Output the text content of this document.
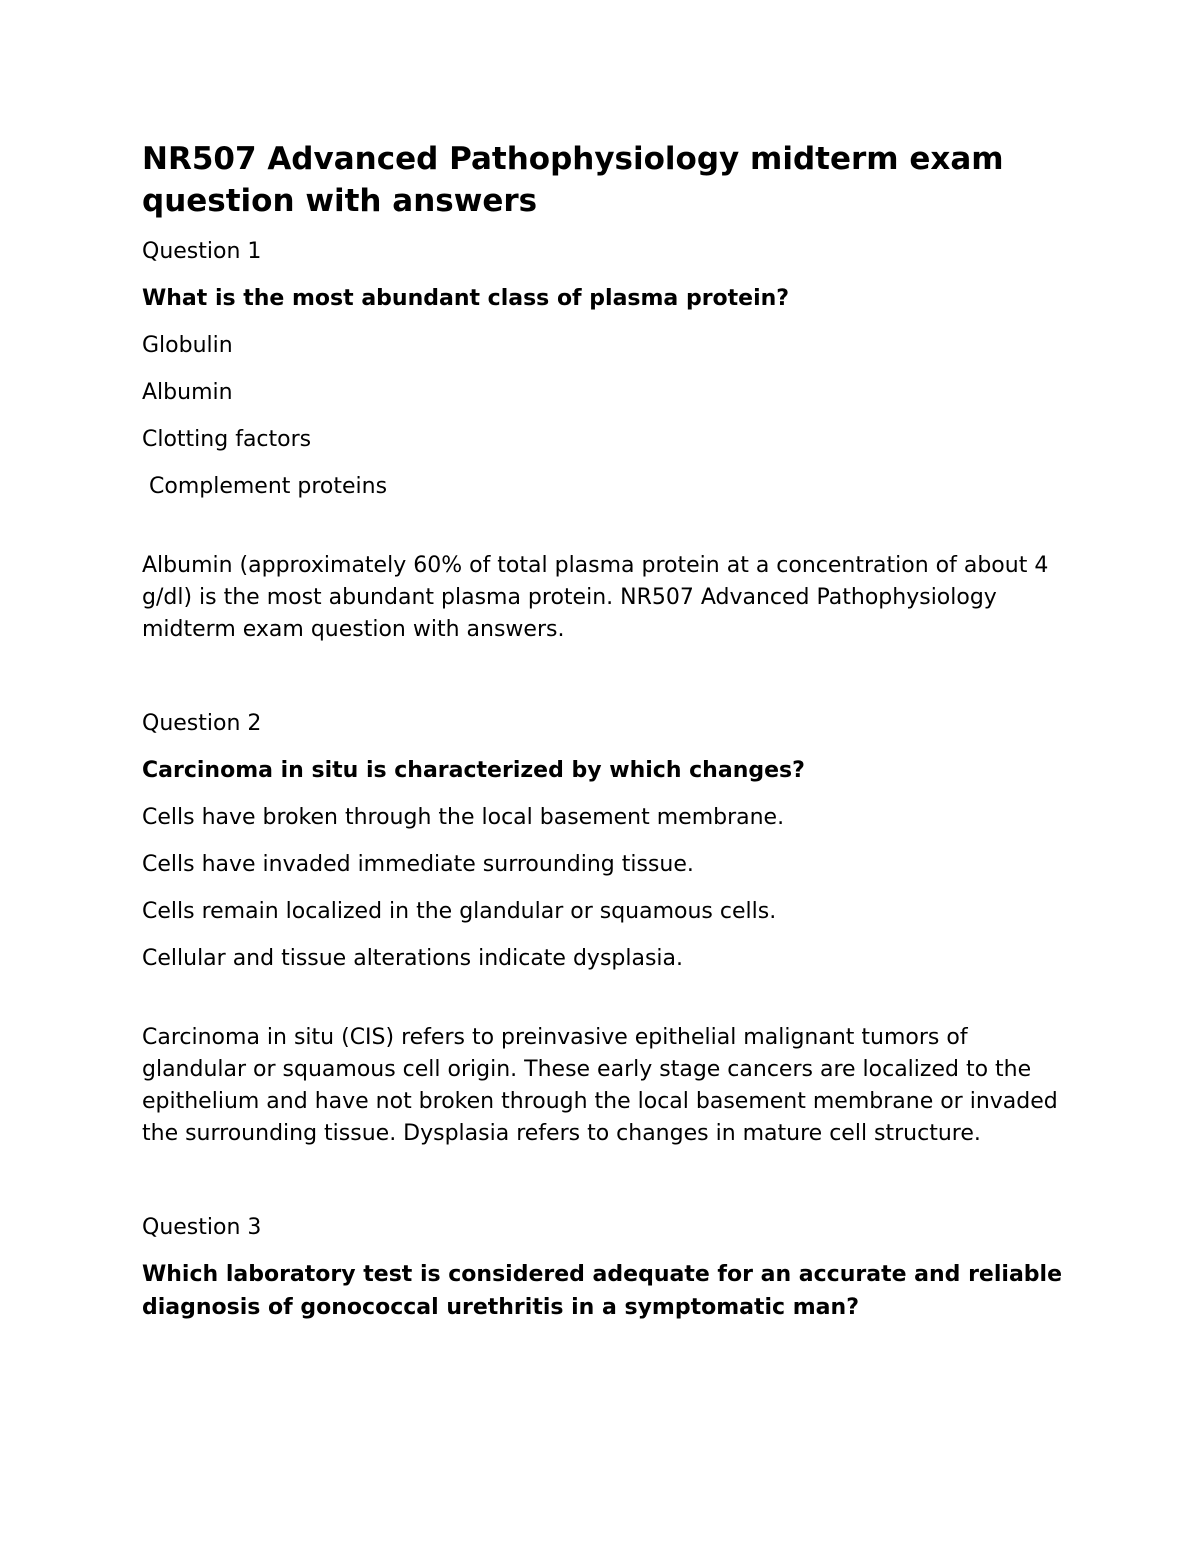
NR507 Advanced Pathophysiology midterm exam question with answers
Question 1
What is the most abundant class of plasma protein?
Globulin
Albumin
Clotting factors
Complement proteins
Albumin (approximately 60% of total plasma protein at a concentration of about 4 g/dl) is the most abundant plasma protein. NR507 Advanced Pathophysiology midterm exam question with answers.
Question 2
Carcinoma in situ is characterized by which changes?
Cells have broken through the local basement membrane.
Cells have invaded immediate surrounding tissue.
Cells remain localized in the glandular or squamous cells.
Cellular and tissue alterations indicate dysplasia.
Carcinoma in situ (CIS) refers to preinvasive epithelial malignant tumors of glandular or squamous cell origin. These early stage cancers are localized to the epithelium and have not broken through the local basement membrane or invaded the surrounding tissue. Dysplasia refers to changes in mature cell structure.
Question 3
Which laboratory test is considered adequate for an accurate and reliable diagnosis of gonococcal urethritis in a symptomatic man?
